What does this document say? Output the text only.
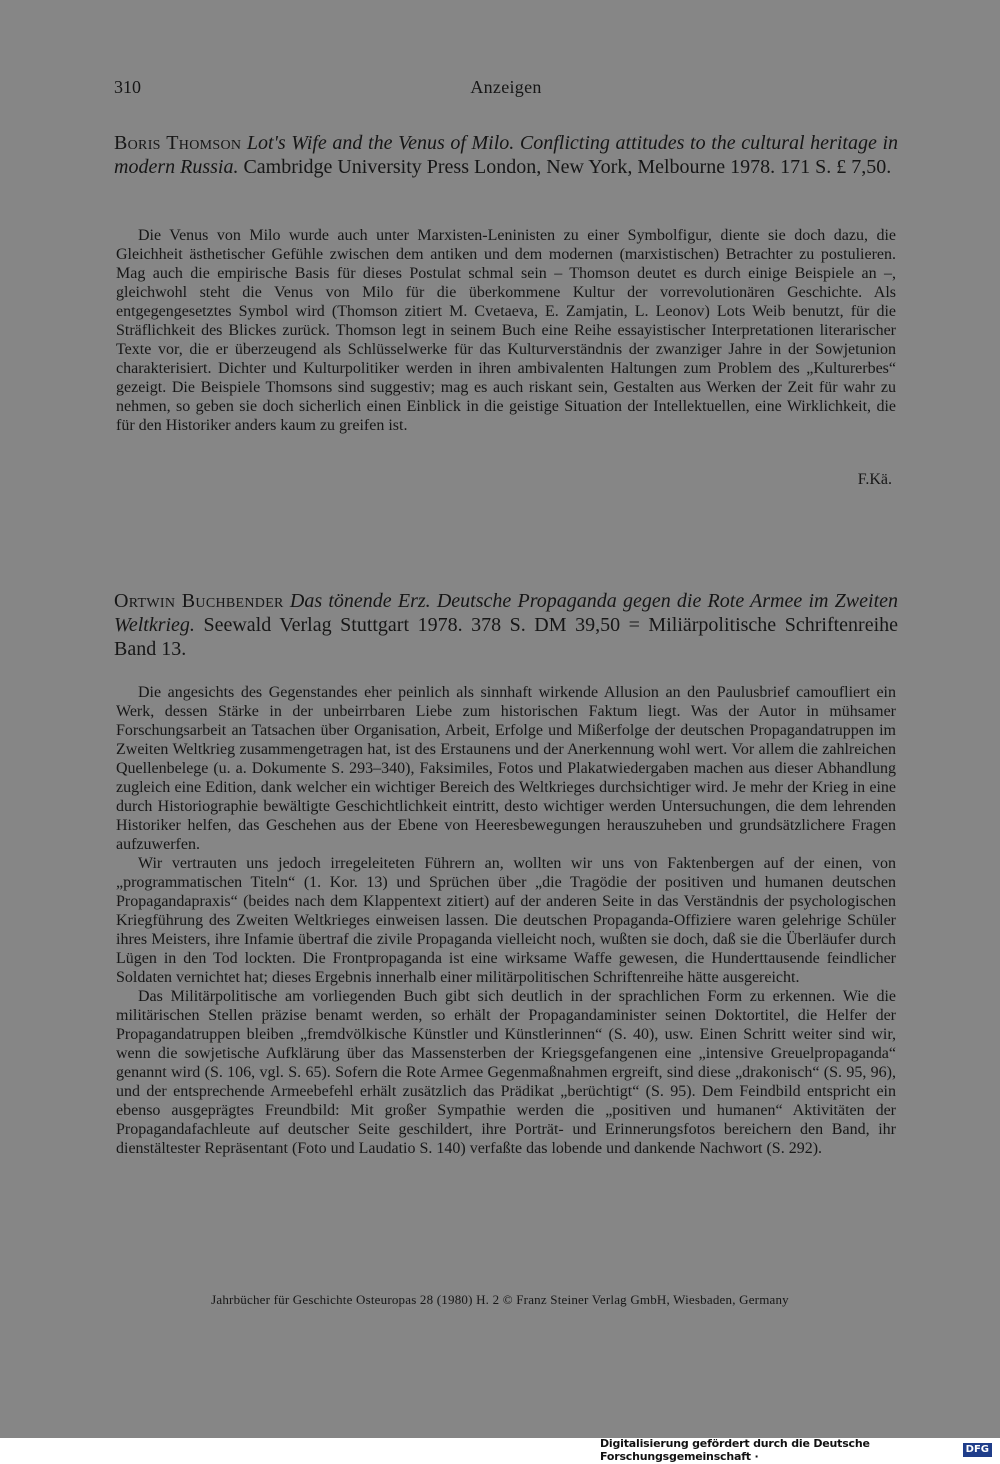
310	Anzeigen
Boris Thomson Lot's Wife and the Venus of Milo. Conflicting attitudes to the cultural heritage in modern Russia. Cambridge University Press London, New York, Melbourne 1978. 171 S. £ 7,50.

Die Venus von Milo wurde auch unter Marxisten-Leninisten zu einer Symbolfigur, diente sie doch dazu, die Gleichheit ästhetischer Gefühle zwischen dem antiken und dem modernen (marxistischen) Betrachter zu postulieren. Mag auch die empirische Basis für dieses Postulat schmal sein – Thomson deutet es durch einige Beispiele an –, gleichwohl steht die Venus von Milo für die überkommene Kultur der vorrevolutionären Geschichte. Als entgegengesetztes Symbol wird (Thomson zitiert M. Cvetaeva, E. Zamjatin, L. Leonov) Lots Weib benutzt, für die Sträflichkeit des Blickes zurück. Thomson legt in seinem Buch eine Reihe essayistischer Interpretationen literarischer Texte vor, die er überzeugend als Schlüsselwerke für das Kulturverständnis der zwanziger Jahre in der Sowjetunion charakterisiert. Dichter und Kulturpolitiker werden in ihren ambivalenten Haltungen zum Problem des „Kulturerbes“ gezeigt. Die Beispiele Thomsons sind suggestiv; mag es auch riskant sein, Gestalten aus Werken der Zeit für wahr zu nehmen, so geben sie doch sicherlich einen Einblick in die geistige Situation der Intellektuellen, eine Wirklichkeit, die für den Historiker anders kaum zu greifen ist.

F.Kä.
Ortwin Buchbender Das tönende Erz. Deutsche Propaganda gegen die Rote Armee im Zweiten Weltkrieg. Seewald Verlag Stuttgart 1978. 378 S. DM 39,50 = Miliärpolitische Schriftenreihe Band 13.

Die angesichts des Gegenstandes eher peinlich als sinnhaft wirkende Allusion an den Paulusbrief camoufliert ein Werk, dessen Stärke in der unbeirrbaren Liebe zum historischen Faktum liegt. Was der Autor in mühsamer Forschungsarbeit an Tatsachen über Organisation, Arbeit, Erfolge und Mißerfolge der deutschen Propagandatruppen im Zweiten Weltkrieg zusammengetragen hat, ist des Erstaunens und der Anerkennung wohl wert. Vor allem die zahlreichen Quellenbelege (u. a. Dokumente S. 293–340), Faksimiles, Fotos und Plakatwiedergaben machen aus dieser Abhandlung zugleich eine Edition, dank welcher ein wichtiger Bereich des Weltkrieges durchsichtiger wird. Je mehr der Krieg in eine durch Historiographie bewältigte Geschichtlichkeit eintritt, desto wichtiger werden Untersuchungen, die dem lehrenden Historiker helfen, das Geschehen aus der Ebene von Heeresbewegungen herauszuheben und grundsätzlichere Fragen aufzuwerfen.

Wir vertrauten uns jedoch irregeleiteten Führern an, wollten wir uns von Faktenbergen auf der einen, von „programmatischen Titeln“ (1. Kor. 13) und Sprüchen über „die Tragödie der positiven und humanen deutschen Propagandapraxis“ (beides nach dem Klappentext zitiert) auf der anderen Seite in das Verständnis der psychologischen Kriegführung des Zweiten Weltkrieges einweisen lassen. Die deutschen Propaganda-Offiziere waren gelehrige Schüler ihres Meisters, ihre Infamie übertraf die zivile Propaganda vielleicht noch, wußten sie doch, daß sie die Überläufer durch Lügen in den Tod lockten. Die Frontpropaganda ist eine wirksame Waffe gewesen, die Hunderttausende feindlicher Soldaten vernichtet hat; dieses Ergebnis innerhalb einer militärpolitischen Schriftenreihe hätte ausgereicht.

Das Militärpolitische am vorliegenden Buch gibt sich deutlich in der sprachlichen Form zu erkennen. Wie die militärischen Stellen präzise benamt werden, so erhält der Propagandaminister seinen Doktortitel, die Helfer der Propagandatruppen bleiben „fremdvölkische Künstler und Künstlerinnen“ (S. 40), usw. Einen Schritt weiter sind wir, wenn die sowjetische Aufklärung über das Massensterben der Kriegsgefangenen eine „intensive Greuelpropaganda“ genannt wird (S. 106, vgl. S. 65). Sofern die Rote Armee Gegenmaßnahmen ergreift, sind diese „drakonisch“ (S. 95, 96), und der entsprechende Armeebefehl erhält zusätzlich das Prädikat „berüchtigt“ (S. 95). Dem Feindbild entspricht ein ebenso ausgeprägtes Freundbild: Mit großer Sympathie werden die „positiven und humanen“ Aktivitäten der Propagandafachleute auf deutscher Seite geschildert, ihre Porträt- und Erinnerungsfotos bereichern den Band, ihr dienstältester Repräsentant (Foto und Laudatio S. 140) verfaßte das lobende und dankende Nachwort (S. 292).

Jahrbücher für Geschichte Osteuropas 28 (1980) H. 2 © Franz Steiner Verlag GmbH, Wiesbaden, Germany
Digitalisierung gefördert durch die Deutsche Forschungsgemeinschaft ·
DFG
